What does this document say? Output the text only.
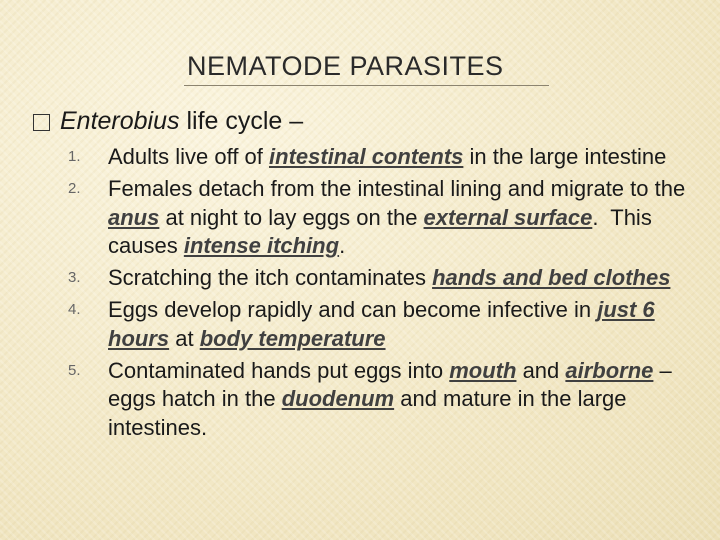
NEMATODE PARASITES
Enterobius life cycle –
1. Adults live off of intestinal contents in the large intestine
2. Females detach from the intestinal lining and migrate to the anus at night to lay eggs on the external surface.  This causes intense itching.
3. Scratching the itch contaminates hands and bed clothes
4. Eggs develop rapidly and can become infective in just 6 hours at body temperature
5. Contaminated hands put eggs into mouth and airborne –eggs hatch in the duodenum and mature in the large intestines.
